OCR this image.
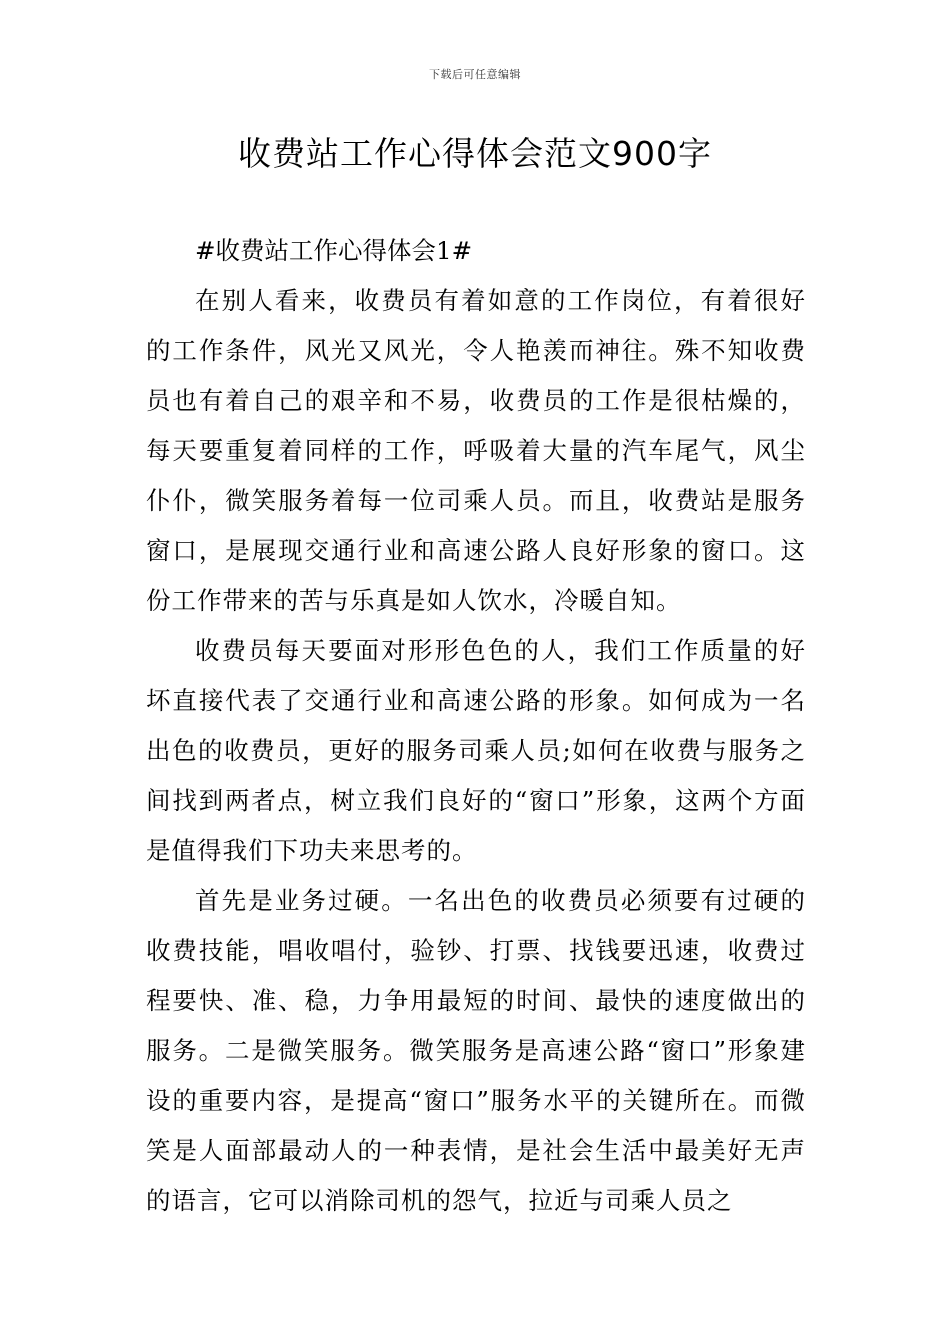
下载后可任意编辑
收费站工作心得体会范文900字

#收费站工作心得体会1#

在别人看来，收费员有着如意的工作岗位，有着很好的工作条件，风光又风光，令人艳羡而神往。殊不知收费员也有着自己的艰辛和不易，收费员的工作是很枯燥的，每天要重复着同样的工作，呼吸着大量的汽车尾气，风尘仆仆，微笑服务着每一位司乘人员。而且，收费站是服务窗口，是展现交通行业和高速公路人良好形象的窗口。这份工作带来的苦与乐真是如人饮水，冷暖自知。

收费员每天要面对形形色色的人，我们工作质量的好坏直接代表了交通行业和高速公路的形象。如何成为一名出色的收费员，更好的服务司乘人员;如何在收费与服务之间找到两者点，树立我们良好的“窗口”形象，这两个方面是值得我们下功夫来思考的。

首先是业务过硬。一名出色的收费员必须要有过硬的收费技能，唱收唱付，验钞、打票、找钱要迅速，收费过程要快、准、稳，力争用最短的时间、最快的速度做出的服务。二是微笑服务。微笑服务是高速公路“窗口”形象建设的重要内容，是提高“窗口”服务水平的关键所在。而微笑是人面部最动人的一种表情，是社会生活中最美好无声的语言，它可以消除司机的怨气，拉近与司乘人员之
